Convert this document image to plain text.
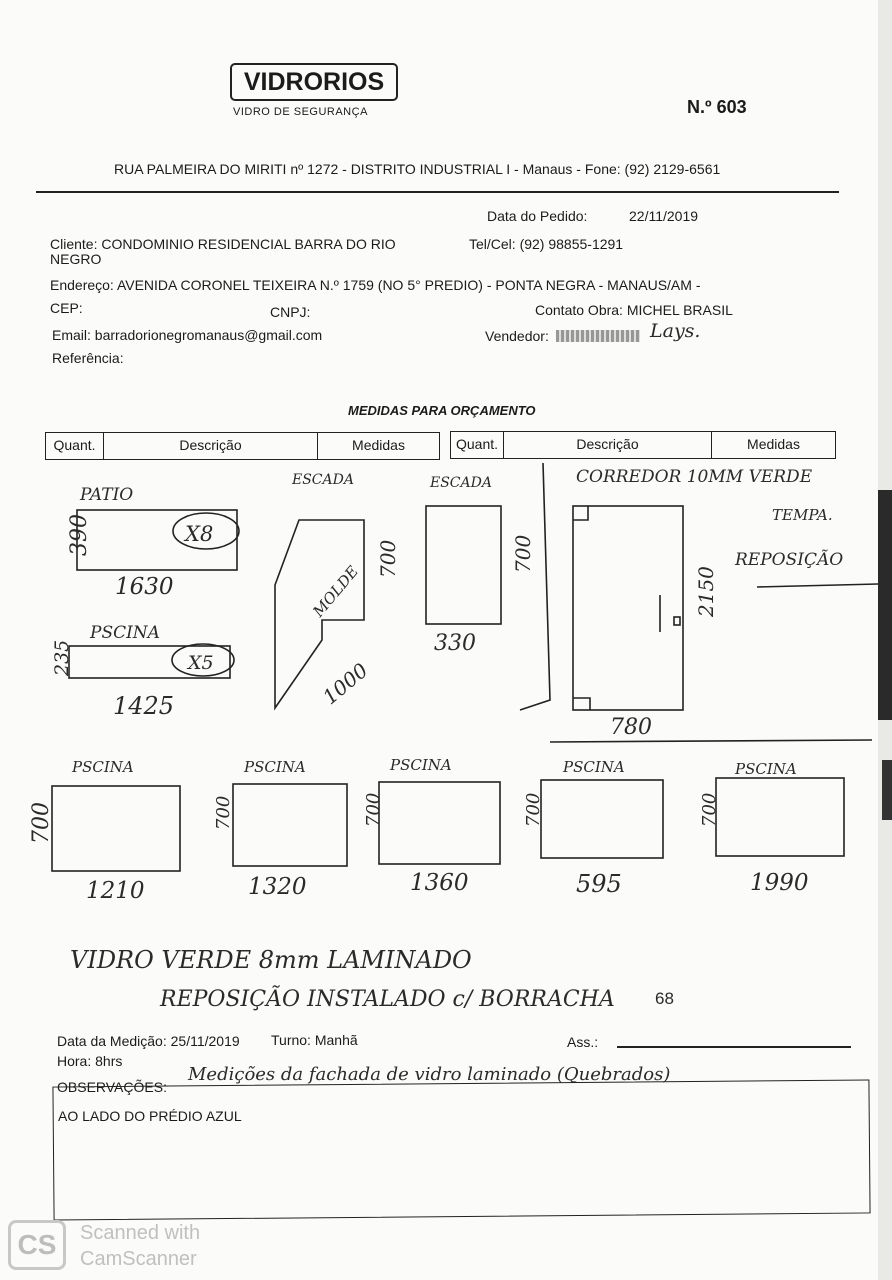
VIDRORIOS
VIDRO DE SEGURANÇA	N.º 603
RUA PALMEIRA DO MIRITI nº 1272 - DISTRITO INDUSTRIAL I - Manaus - Fone: (92) 2129-6561
Data do Pedido:	22/11/2019
Cliente: CONDOMINIO RESIDENCIAL BARRA DO RIO
NEGRO
Tel/Cel: (92) 98855-1291
Endereço: AVENIDA CORONEL TEIXEIRA N.º 1759 (NO 5° PREDIO) - PONTA NEGRA - MANAUS/AM -
CEP:	CNPJ:	Contato Obra: MICHEL BRASIL
Email: barradorionegromanaus@gmail.com	Vendedor:	Lays.
Referência:
MEDIDAS PARA ORÇAMENTO
Quant.	Descrição	Medidas	Quant.	Descrição	Medidas
PATIO
390	X8
1630
PSCINA
235	X5
1425
ESCADA
MOLDE
700
1000
ESCADA
700
330
CORREDOR 10MM VERDE
TEMPA.
REPOSIÇÃO
2150
780
PSCINA
700
1210
PSCINA
700
1320
PSCINA
700
1360
PSCINA
700
595
PSCINA
700
1990
VIDRO VERDE 8mm LAMINADO
REPOSIÇÃO INSTALADO c/ BORRACHA 68
Data da Medição: 25/11/2019 Turno: Manhã	Ass.:
Hora: 8hrs
OBSERVAÇÕES:
Medições da fachada de vidro laminado (Quebrados)
AO LADO DO PRÉDIO AZUL
CS	Scanned with
CamScanner
